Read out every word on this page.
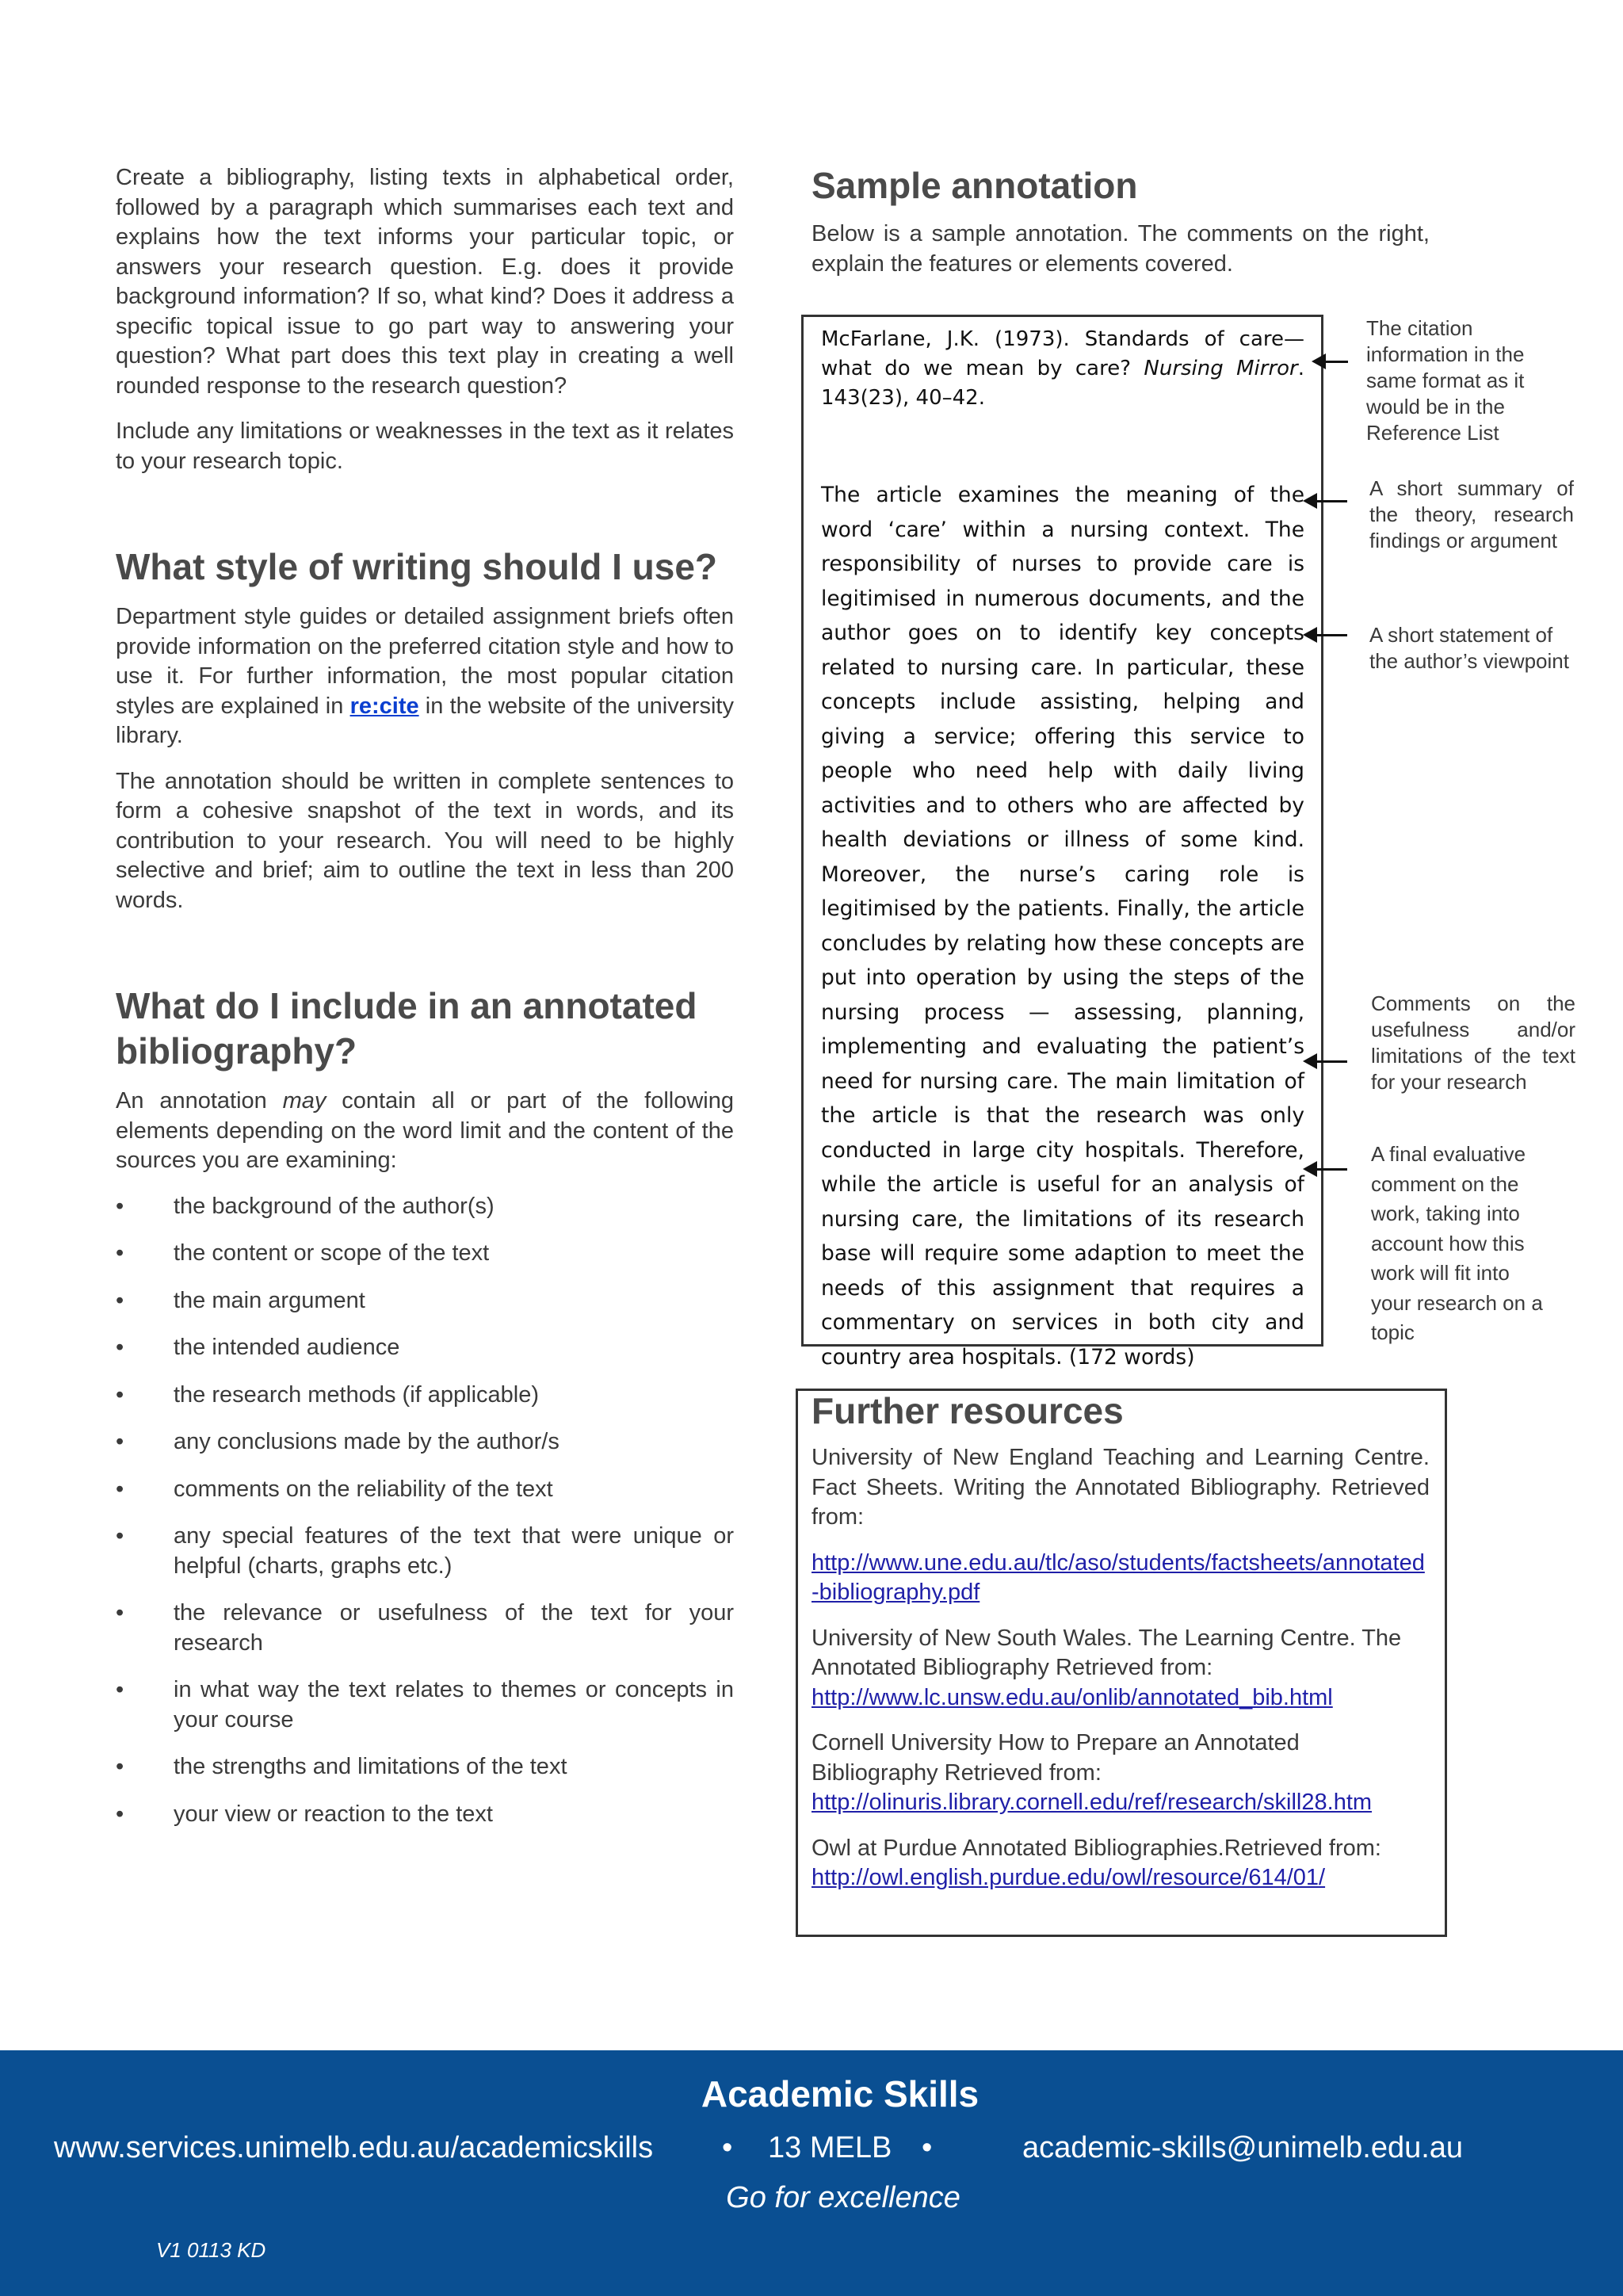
Create a bibliography, listing texts in alphabetical order, followed by a paragraph which summarises each text and explains how the text informs your particular topic, or answers your research question. E.g. does it provide background information? If so, what kind? Does it address a specific topical issue to go part way to answering your question? What part does this text play in creating a well rounded response to the research question?

Include any limitations or weaknesses in the text as it relates to your research topic.

What style of writing should I use?

Department style guides or detailed assignment briefs often provide information on the preferred citation style and how to use it. For further information, the most popular citation styles are explained in re:cite in the website of the university library.

The annotation should be written in complete sentences to form a cohesive snapshot of the text in words, and its contribution to your research. You will need to be highly selective and brief; aim to outline the text in less than 200 words.

What do I include in an annotated bibliography?

An annotation may contain all or part of the following elements depending on the word limit and the content of the sources you are examining:

• the background of the author(s)
• the content or scope of the text
• the main argument
• the intended audience
• the research methods (if applicable)
• any conclusions made by the author/s
• comments on the reliability of the text
• any special features of the text that were unique or helpful (charts, graphs etc.)
• the relevance or usefulness of the text for your research
• in what way the text relates to themes or concepts in your course
• the strengths and limitations of the text
• your view or reaction to the text
Sample annotation

Below is a sample annotation. The comments on the right, explain the features or elements covered.

McFarlane, J.K. (1973). Standards of care—what do we mean by care? Nursing Mirror. 143(23), 40–42.
The article examines the meaning of the word ‘care’ within a nursing context. The responsibility of nurses to provide care is legitimised in numerous documents, and the author goes on to identify key concepts related to nursing care. In particular, these concepts include assisting, helping and giving a service; offering this service to people who need help with daily living activities and to others who are affected by health deviations or illness of some kind. Moreover, the nurse’s caring role is legitimised by the patients. Finally, the article concludes by relating how these concepts are put into operation by using the steps of the nursing process — assessing, planning, implementing and evaluating the patient’s need for nursing care. The main limitation of the article is that the research was only conducted in large city hospitals. Therefore, while the article is useful for an analysis of nursing care, the limitations of its research base will require some adaption to meet the needs of this assignment that requires a commentary on services in both city and country area hospitals. (172 words)
The citation information in the same format as it would be in the Reference List
A short summary of the theory, research findings or argument
A short statement of the author’s viewpoint
Comments on the usefulness and/or limitations of the text for your research
A final evaluative comment on the work, taking into account how this work will fit into your research on a topic
Further resources

University of New England Teaching and Learning Centre. Fact Sheets. Writing the Annotated Bibliography. Retrieved from:

http://www.une.edu.au/tlc/aso/students/factsheets/annotated-bibliography.pdf

University of New South Wales. The Learning Centre. The Annotated Bibliography Retrieved from:
http://www.lc.unsw.edu.au/onlib/annotated_bib.html

Cornell University How to Prepare an Annotated Bibliography Retrieved from:
http://olinuris.library.cornell.edu/ref/research/skill28.htm

Owl at Purdue Annotated Bibliographies.Retrieved from:
http://owl.english.purdue.edu/owl/resource/614/01/

Academic Skills
www.services.unimelb.edu.au/academicskills • 13 MELB •	academic-skills@unimelb.edu.au
Go for excellence
V1 0113 KD
